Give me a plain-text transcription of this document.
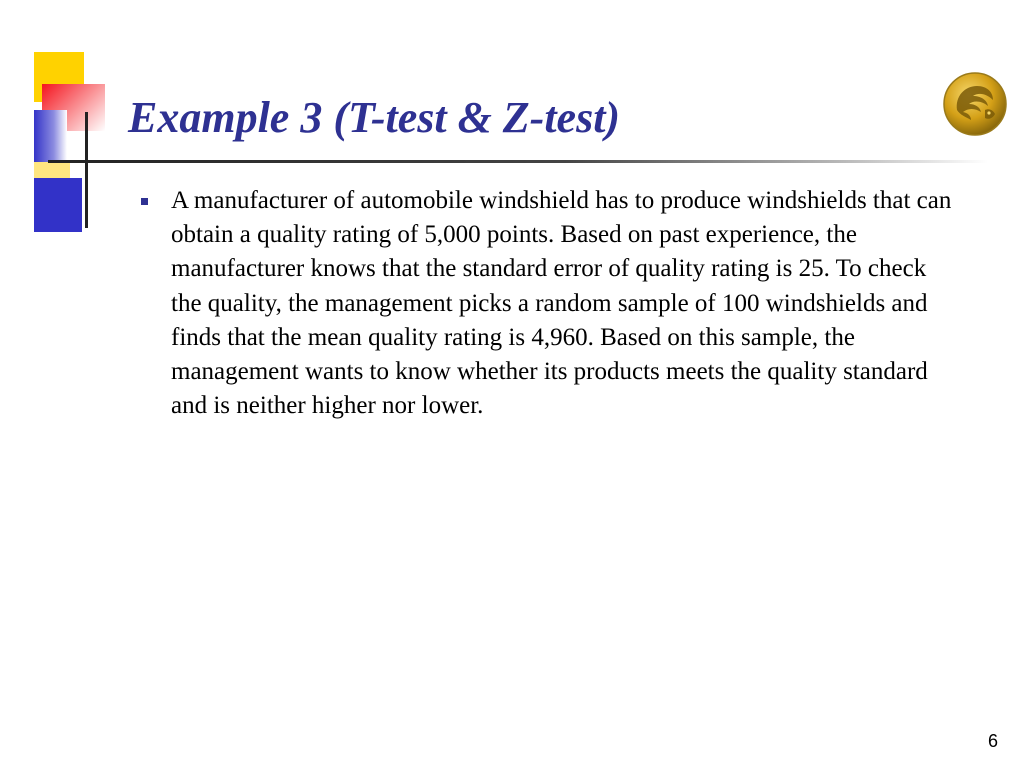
Example 3 (T-test & Z-test)

A manufacturer of automobile windshield has to produce windshields that can obtain a quality rating of 5,000 points. Based on past experience, the manufacturer knows that the standard error of quality rating is 25. To check the quality, the management picks a random sample of 100 windshields and finds that the mean quality rating is 4,960. Based on this sample, the management wants to know whether its products meets the quality standard and is neither higher nor lower.

6
